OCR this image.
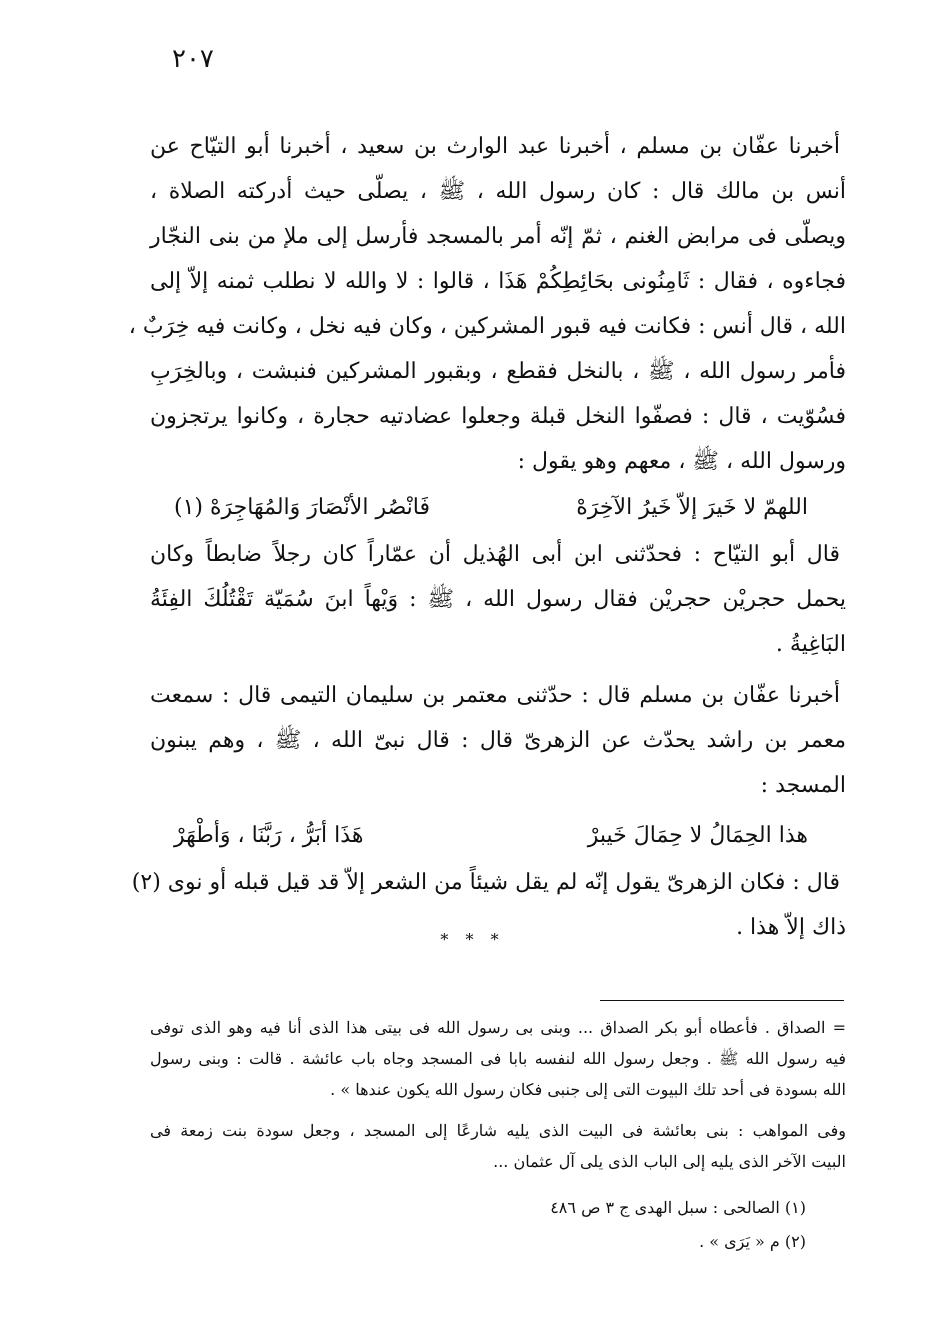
٢٠٧
أخبرنا عفّان بن مسلم ، أخبرنا عبد الوارث بن سعيد ، أخبرنا أبو التيّاح عن
أنس بن مالك قال : كان رسول الله ، ﷺ ، يصلّى حيث أدركته الصلاة ،
ويصلّى فى مرابض الغنم ، ثمّ إنّه أمر بالمسجد فأرسل إلى ملإ من بنى النجّار
فجاءوه ، فقال : ثَامِنُونى بحَائِطِكُمْ هَذَا ، قالوا : لا والله لا نطلب ثمنه إلاّ إلى
الله ، قال أنس : فكانت فيه قبور المشركين ، وكان فيه نخل ، وكانت فيه خِرَبٌ ،
فأمر رسول الله ، ﷺ ، بالنخل فقطع ، وبقبور المشركين فنبشت ، وبالخِرَبِ
فسُوّيت ، قال : فصفّوا النخل قبلة وجعلوا عضادتيه حجارة ، وكانوا يرتجزون
ورسول الله ، ﷺ ، معهم وهو يقول :
اللهمّ لا خَيرَ إلاّ خَيرُ الآخِرَهْ
فَانْصُر الأنْصَارَ وَالمُهَاجِرَهْ (١)
قال أبو التيّاح : فحدّثنى ابن أبى الهُذيل أن عمّاراً كان رجلاً ضابطاً وكان
يحمل حجريْن حجريْن فقال رسول الله ، ﷺ : وَيْهاً ابنَ سُمَيّة تَقْتُلُكَ الفِئَةُ
البَاغِيةُ .
أخبرنا عفّان بن مسلم قال : حدّثنى معتمر بن سليمان التيمى قال : سمعت
معمر بن راشد يحدّث عن الزهرىّ قال : قال نبىّ الله ، ﷺ ، وهم يبنون
المسجد :
هذا الحِمَالُ لا حِمَالَ خَيبرْ
هَذَا أبَرُّ ، رَبَّنَا ، وَأطْهَرْ
قال : فكان الزهرىّ يقول إنّه لم يقل شيئاً من الشعر إلاّ قد قيل قبله أو نوى (٢)
ذاك إلاّ هذا .
* * *
= الصداق . فأعطاه أبو بكر الصداق ... وبنى بى رسول الله فى بيتى هذا الذى أنا فيه وهو الذى توفى
فيه رسول الله ﷺ . وجعل رسول الله لنفسه بابا فى المسجد وجاه باب عائشة . قالت : وبنى رسول
الله بسودة فى أحد تلك البيوت التى إلى جنبى فكان رسول الله يكون عندها » .
وفى المواهب : بنى بعائشة فى البيت الذى يليه شارعًا إلى المسجد ، وجعل سودة بنت زمعة فى
البيت الآخر الذى يليه إلى الباب الذى يلى آل عثمان ...
(١) الصالحى : سبل الهدى ج ٣ ص ٤٨٦
(٢) م « يَرَى » .
